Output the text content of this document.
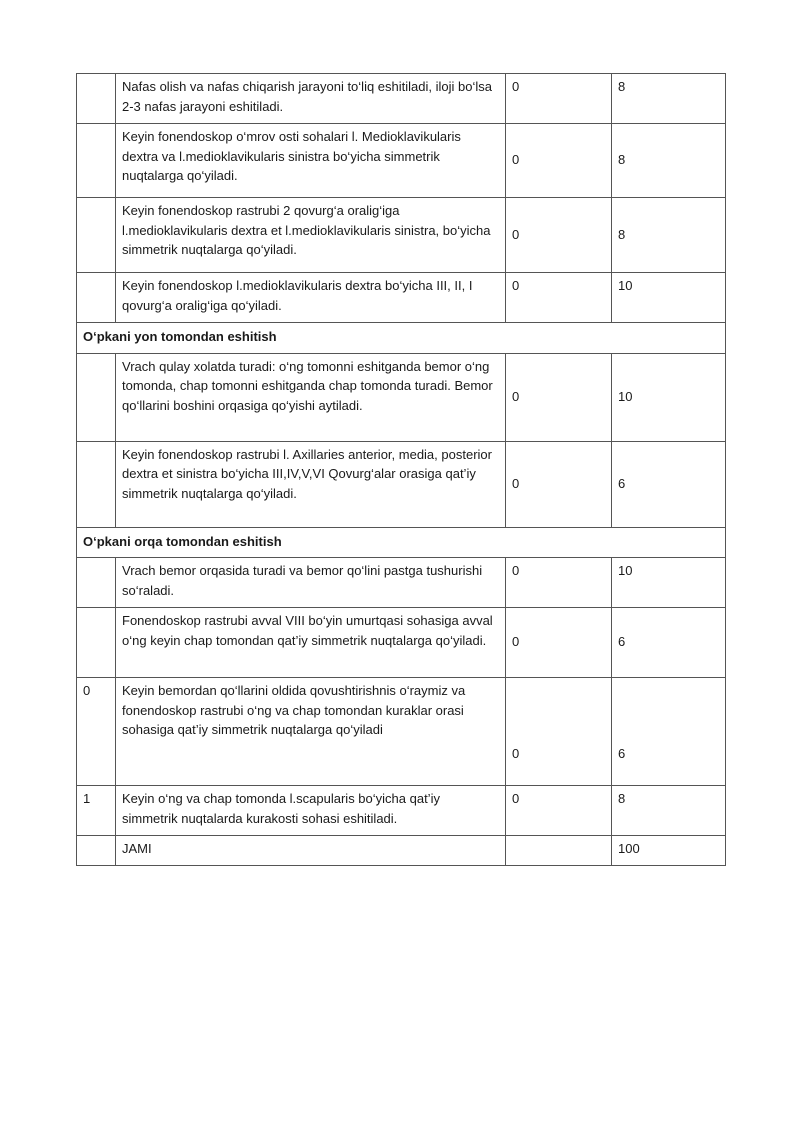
	Nafas olish va nafas chiqarish jarayoni to‘liq eshitiladi, iloji bo‘lsa 2-3 nafas jarayoni eshitiladi.	0	8
	Keyin fonendoskop o‘mrov osti sohalari l. Medioklavikularis dextra va l.medioklavikularis sinistra bo‘yicha simmetrik nuqtalarga qo‘yiladi.	0	8
	Keyin fonendoskop rastrubi 2 qovurg‘a oralig‘iga l.medioklavikularis dextra et l.medioklavikularis sinistra, bo‘yicha simmetrik nuqtalarga qo‘yiladi.	0	8
	Keyin fonendoskop l.medioklavikularis dextra bo‘yicha III, II, I qovurg‘a oralig‘iga qo‘yiladi.	0	10
O‘pkani yon tomondan eshitish			
	Vrach qulay xolatda turadi: o‘ng tomonni eshitganda bemor o‘ng tomonda, chap tomonni eshitganda chap tomonda turadi. Bemor qo‘llarini boshini orqasiga qo‘yishi aytiladi.	0	10
	Keyin fonendoskop rastrubi l. Axillaries anterior, media, posterior dextra et sinistra bo‘yicha III,IV,V,VI Qovurg‘alar orasiga qat’iy simmetrik nuqtalarga qo‘yiladi.	0	6
O‘pkani orqa tomondan eshitish			
	Vrach bemor orqasida turadi va bemor qo‘lini pastga tushurishi so‘raladi.	0	10
	Fonendoskop rastrubi avval VIII bo‘yin umurtqasi sohasiga avval o‘ng keyin chap tomondan qat’iy simmetrik nuqtalarga qo‘yiladi.	0	6
0	Keyin bemordan qo‘llarini oldida qovushtirishnis o‘raymiz va fonendoskop rastrubi o‘ng va chap tomondan kuraklar orasi sohasiga qat’iy simmetrik nuqtalarga qo‘yiladi	0	6
1	Keyin o‘ng va chap tomonda l.scapularis bo‘yicha qat’iy simmetrik nuqtalarda kurakosti sohasi eshitiladi.	0	8
	JAMI		100
